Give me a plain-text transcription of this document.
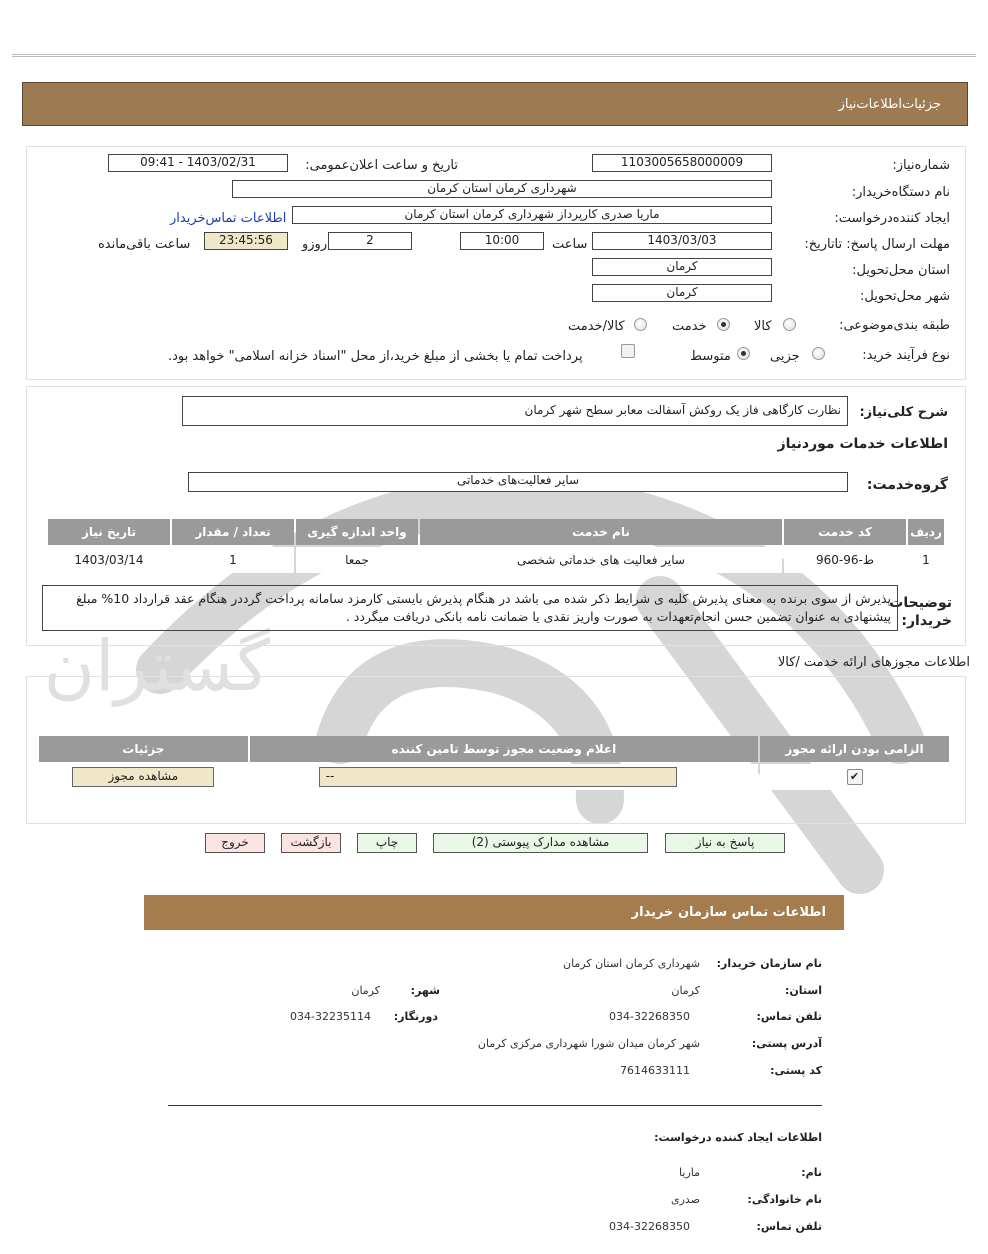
جزئیات‌اطلاعات‌نیاز
گستران
شماره‌نیاز:
1103005658000009
تاریخ و ساعت اعلان‌عمومی:
1403/02/31 - 09:41
نام دستگاه‌خریدار:
شهرداری کرمان استان کرمان
ایجاد کننده‌درخواست:
ماریا صدری کارپرداز شهرداری کرمان استان کرمان
اطلاعات تماس‌خریدار
مهلت ارسال پاسخ: تاتاریخ:
1403/03/03
ساعت
10:00
2
روزو
23:45:56
ساعت باقی‌مانده
استان محل‌تحویل:
کرمان
شهر محل‌تحویل:
کرمان
طبقه بندی‌موضوعی:
کالا
خدمت
کالا/خدمت
نوع فرآیند خرید:
جزیی
متوسط
پرداخت تمام یا بخشی از مبلغ خرید،از محل "اسناد خزانه اسلامی" خواهد بود.
شرح کلی‌نیاز:
نظارت کارگاهی فاز یک روکش آسفالت معابر سطح شهر کرمان
اطلاعات خدمات مورد‌نیاز
گروه‌خدمت:
سایر فعالیت‌های خدماتی
ردیف	کد خدمت	نام خدمت	واحد اندازه گیری	تعداد / مقدار	تاریخ نیاز
1	ط-96-960	سایر فعالیت های خدماتی شخصی	جمعا	1	1403/03/14
توضیحات خریدار:
پذیرش از سوی برنده به معنای پذیرش کلیه ی شرایط ذکر شده می باشد در هنگام پذیرش بایستی کارمزد سامانه پرداخت گرددر هنگام عقد قرارداد 10% مبلغ پیشنهادی به عنوان تضمین حسن انجام‌تعهدات به صورت واریز نقدی یا ضمانت نامه بانکی دریافت میگردد .
اطلاعات مجوزهای ارائه خدمت /کالا
الزامی بودن ارائه مجوز	اعلام وضعیت مجوز توسط تامین کننده	جزئیات
✔	--	مشاهده مجوز
پاسخ به نیاز
مشاهده مدارک پیوستی (2)
چاپ
بازگشت
خروج
اطلاعات تماس سازمان خریدار
نام سازمان خریدار:
شهرداری کرمان استان کرمان
استان:
کرمان
شهر:
کرمان
تلفن تماس:
034-32268350
دورنگار:
034-32235114
آدرس پستی:
شهر کرمان میدان شورا شهرداری مرکزی کرمان
کد پستی:
7614633111
اطلاعات ایجاد کننده درخواست:
نام:
ماریا
نام خانوادگی:
صدری
تلفن تماس:
034-32268350
